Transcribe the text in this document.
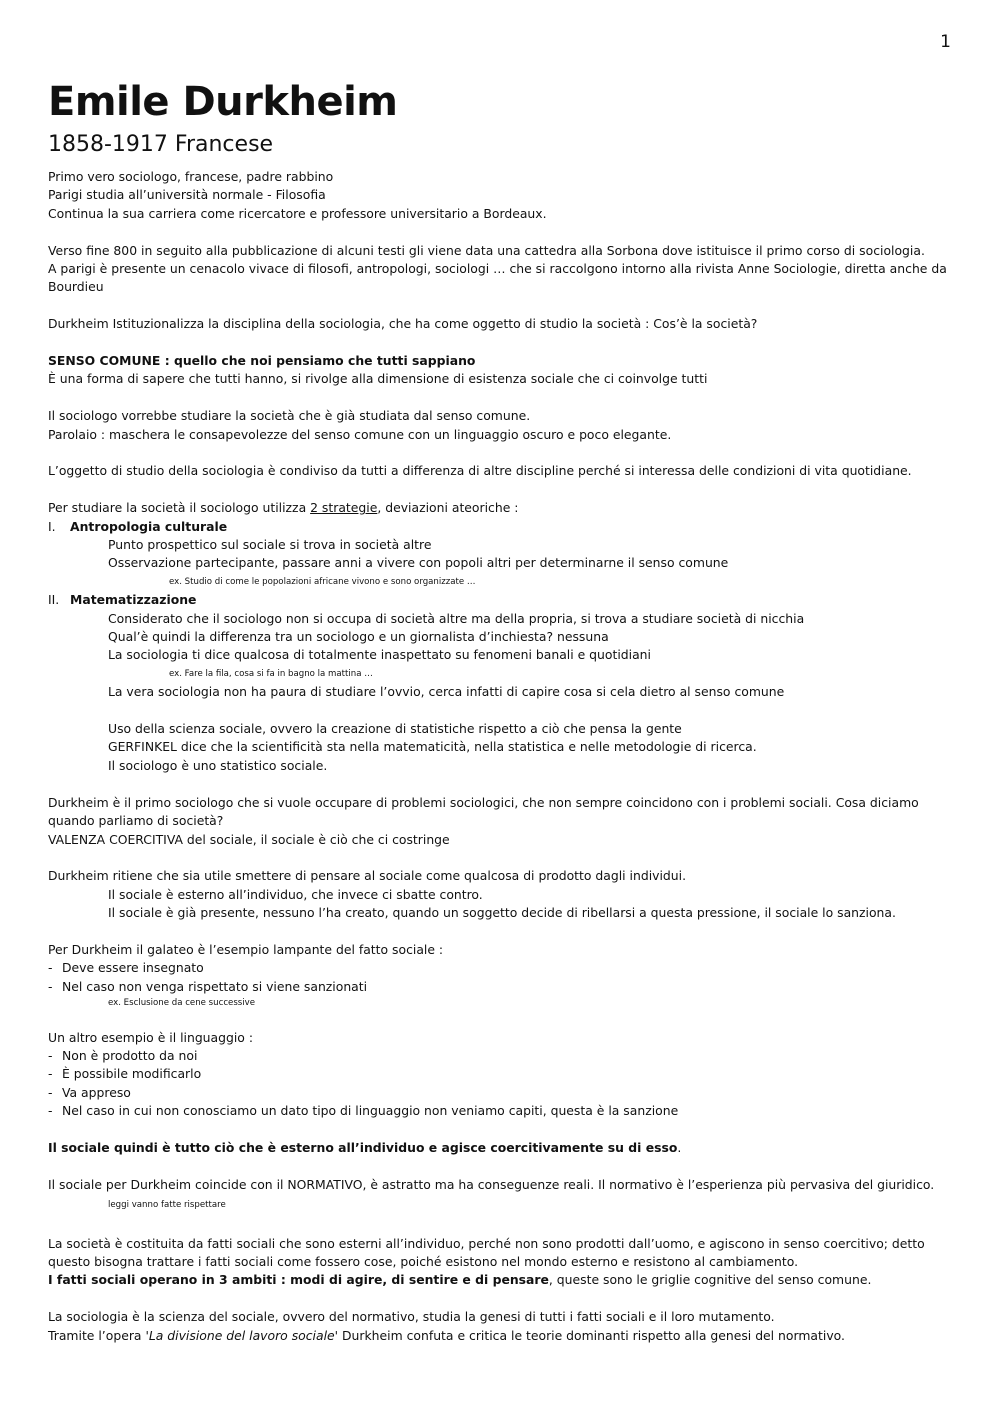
1
Emile Durkheim
1858-1917 Francese

Primo vero sociologo, francese, padre rabbino

Parigi studia all’università normale - Filosofia

Continua la sua carriera come ricercatore e professore universitario a Bordeaux.

Verso fine 800 in seguito alla pubblicazione di alcuni testi gli viene data una cattedra alla Sorbona dove istituisce il primo corso di sociologia.

A parigi è presente un cenacolo vivace di filosofi, antropologi, sociologi … che si raccolgono intorno alla rivista Anne Sociologie, diretta anche da Bourdieu

Durkheim Istituzionalizza la disciplina della sociologia, che ha come oggetto di studio la società : Cos’è la società?

SENSO COMUNE : quello che noi pensiamo che tutti sappiano

È una forma di sapere che tutti hanno, si rivolge alla dimensione di esistenza sociale che ci coinvolge tutti

Il sociologo vorrebbe studiare la società che è già studiata dal senso comune.

Parolaio : maschera le consapevolezze del senso comune con un linguaggio oscuro e poco elegante.

L’oggetto di studio della sociologia è condiviso da tutti a differenza di altre discipline perché si interessa delle condizioni di vita quotidiane.

Per studiare la società il sociologo utilizza 2 strategie, deviazioni ateoriche :

I.	Antropologia culturale

Punto prospettico sul sociale si trova in società altre

Osservazione partecipante, passare anni a vivere con popoli altri per determinarne il senso comune

ex. Studio di come le popolazioni africane vivono e sono organizzate …

II. Matematizzazione

Considerato che il sociologo non si occupa di società altre ma della propria, si trova a studiare società di nicchia

Qual’è quindi la differenza tra un sociologo e un giornalista d’inchiesta? nessuna

La sociologia ti dice qualcosa di totalmente inaspettato su fenomeni banali e quotidiani

ex. Fare la fila, cosa si fa in bagno la mattina …

La vera sociologia non ha paura di studiare l’ovvio, cerca infatti di capire cosa si cela dietro al senso comune

Uso della scienza sociale, ovvero la creazione di statistiche rispetto a ciò che pensa la gente

GERFINKEL dice che la scientificità sta nella matematicità, nella statistica e nelle metodologie di ricerca.

Il sociologo è uno statistico sociale.

Durkheim è il primo sociologo che si vuole occupare di problemi sociologici, che non sempre coincidono con i problemi sociali. Cosa diciamo quando parliamo di società?

VALENZA COERCITIVA del sociale, il sociale è ciò che ci costringe

Durkheim ritiene che sia utile smettere di pensare al sociale come qualcosa di prodotto dagli individui.

Il sociale è esterno all’individuo, che invece ci sbatte contro.

Il sociale è già presente, nessuno l’ha creato, quando un soggetto decide di ribellarsi a questa pressione, il sociale lo sanziona.

Per Durkheim il galateo è l’esempio lampante del fatto sociale :

- Deve essere insegnato
- Nel caso non venga rispettato si viene sanzionati

ex. Esclusione da cene successive

Un altro esempio è il linguaggio :

- Non è prodotto da noi
- È possibile modificarlo
- Va appreso
- Nel caso in cui non conosciamo un dato tipo di linguaggio non veniamo capiti, questa è la sanzione

Il sociale quindi è tutto ciò che è esterno all’individuo e agisce coercitivamente su di esso.

Il sociale per Durkheim coincide con il NORMATIVO, è astratto ma ha conseguenze reali. Il normativo è l’esperienza più pervasiva del giuridico.

leggi vanno fatte rispettare

La società è costituita da fatti sociali che sono esterni all’individuo, perché non sono prodotti dall’uomo, e agiscono in senso coercitivo; detto questo bisogna trattare i fatti sociali come fossero cose, poiché esistono nel mondo esterno e resistono al cambiamento.

I fatti sociali operano in 3 ambiti : modi di agire, di sentire e di pensare, queste sono le griglie cognitive del senso comune.

La sociologia è la scienza del sociale, ovvero del normativo, studia la genesi di tutti i fatti sociali e il loro mutamento.

Tramite l’opera 'La divisione del lavoro sociale' Durkheim confuta e critica le teorie dominanti rispetto alla genesi del normativo.
